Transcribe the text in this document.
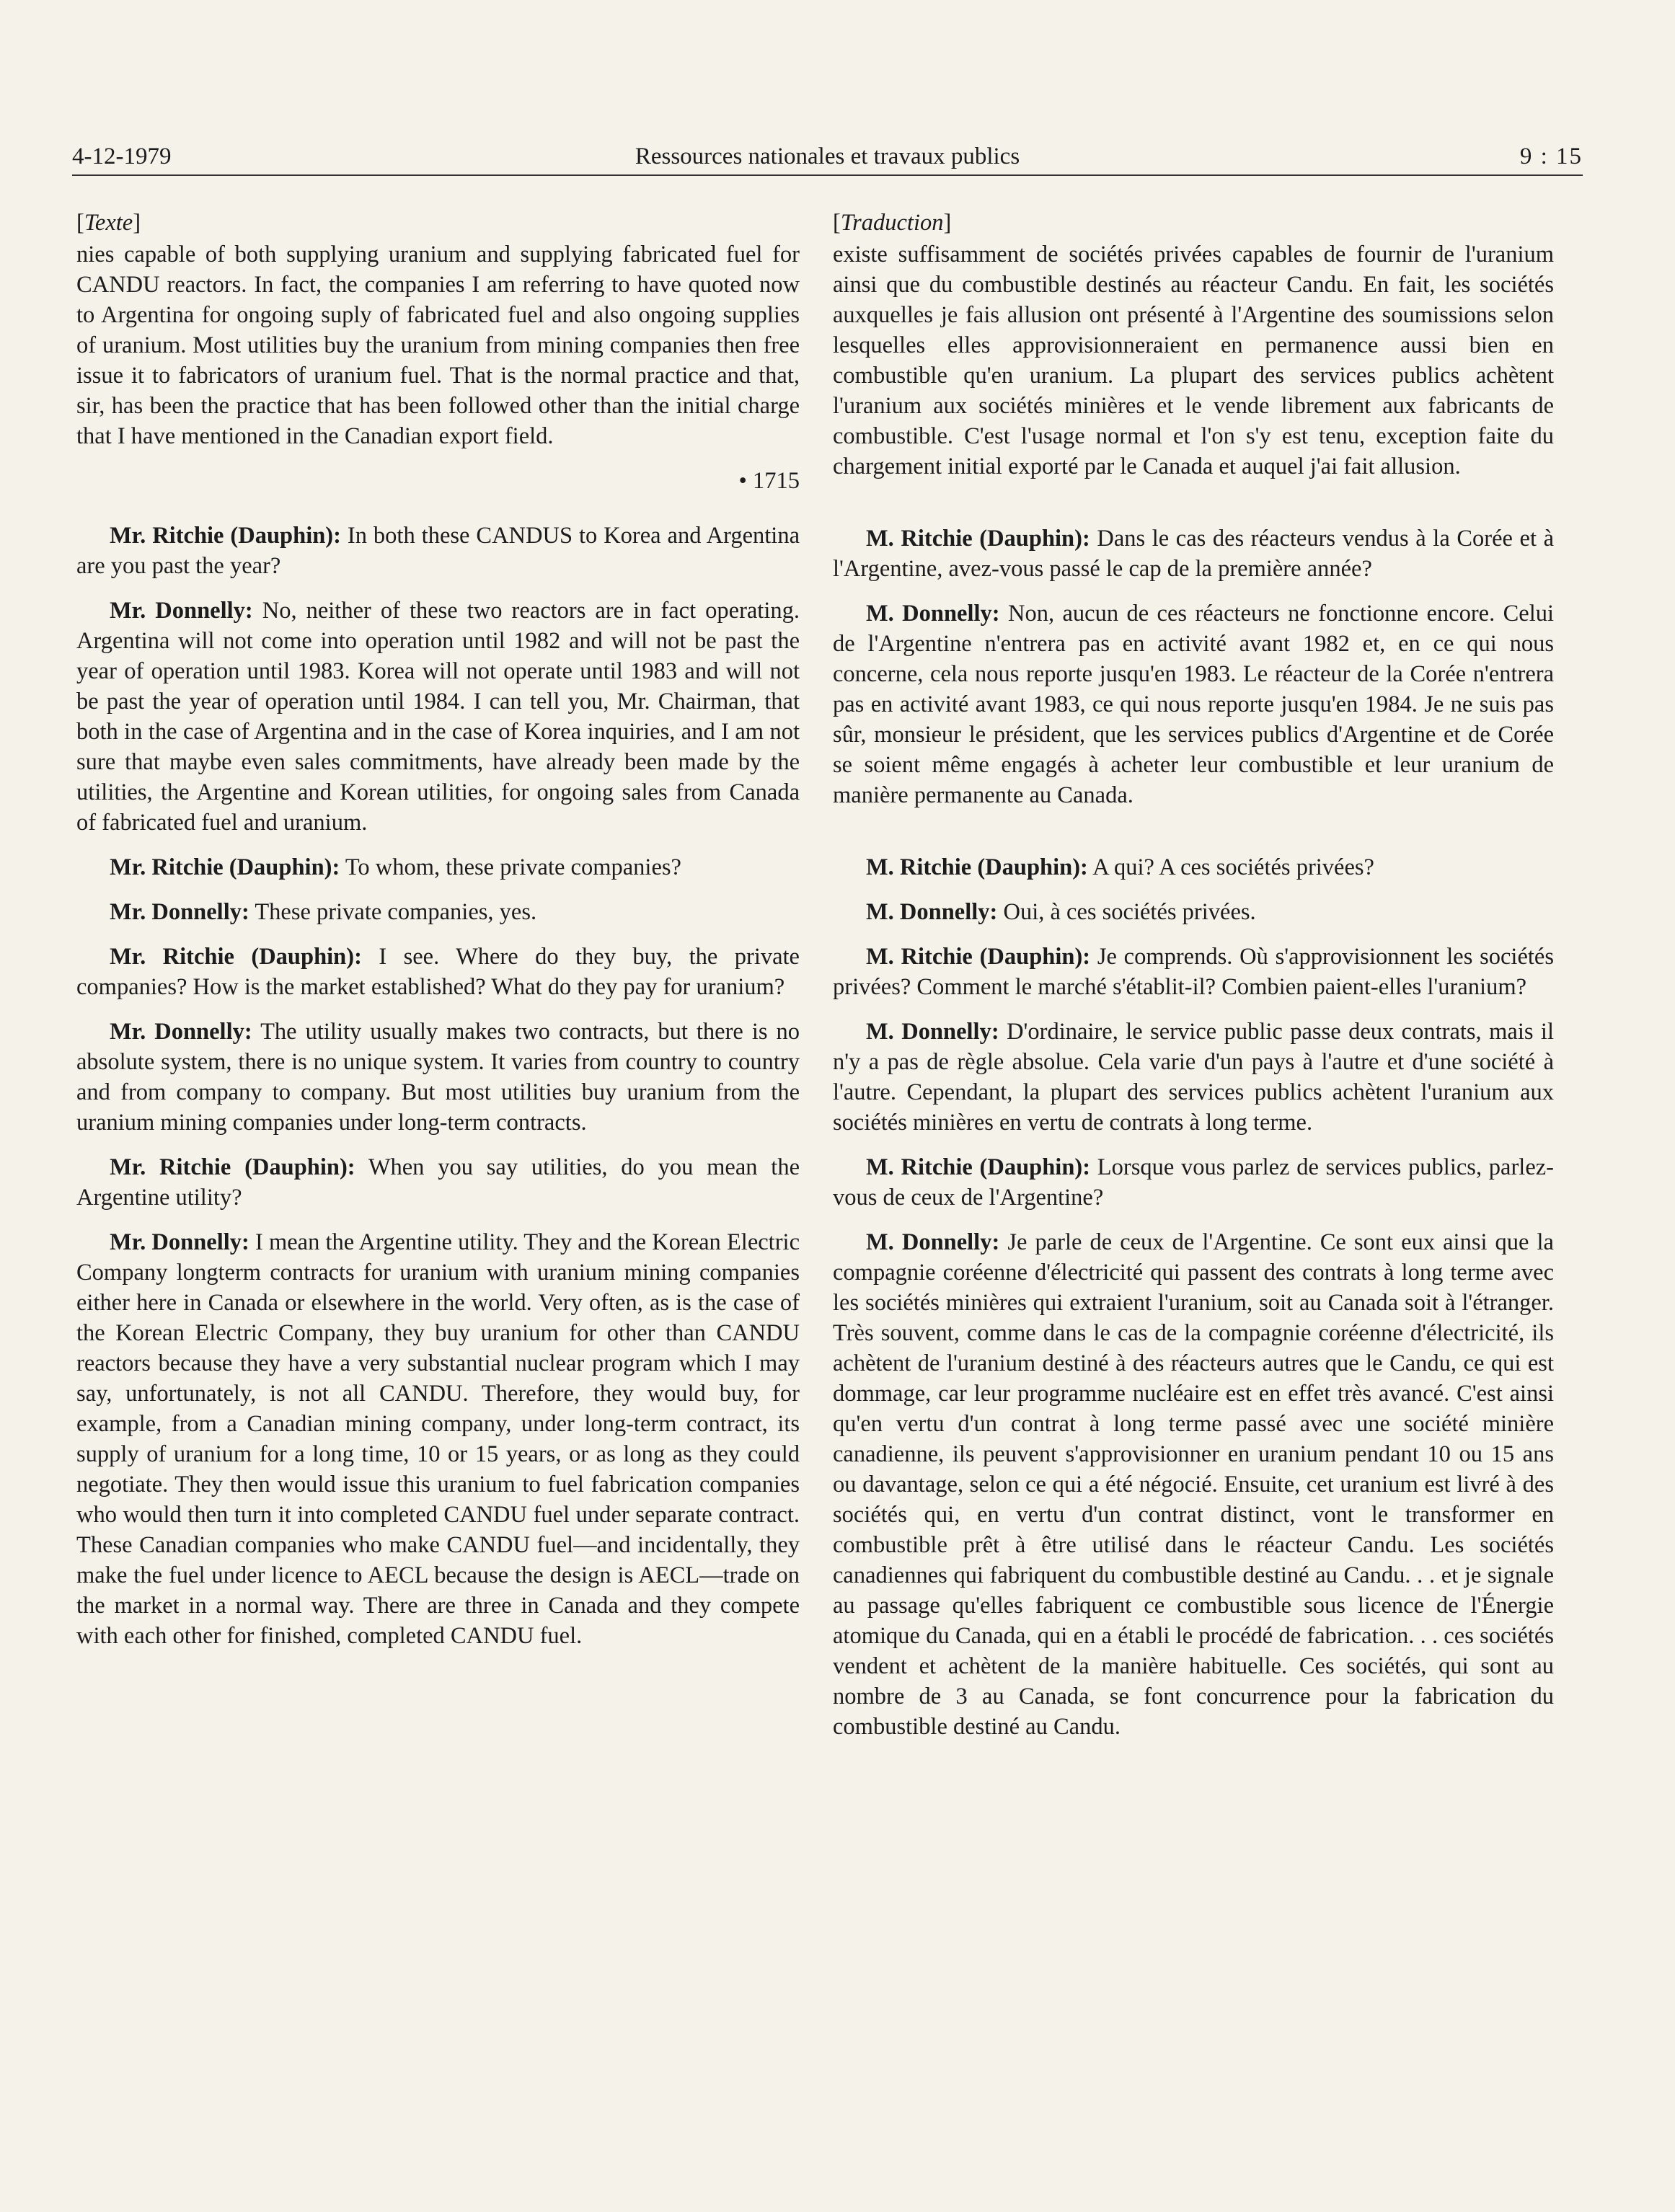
4-12-1979	Ressources nationales et travaux publics	9 : 15
[Texte]

nies capable of both supplying uranium and supplying fabricated fuel for CANDU reactors. In fact, the companies I am referring to have quoted now to Argentina for ongoing suply of fabricated fuel and also ongoing supplies of uranium. Most utilities buy the uranium from mining companies then free issue it to fabricators of uranium fuel. That is the normal practice and that, sir, has been the practice that has been followed other than the initial charge that I have mentioned in the Canadian export field.

• 1715

Mr. Ritchie (Dauphin): In both these CANDUS to Korea and Argentina are you past the year?

Mr. Donnelly: No, neither of these two reactors are in fact operating. Argentina will not come into operation until 1982 and will not be past the year of operation until 1983. Korea will not operate until 1983 and will not be past the year of operation until 1984. I can tell you, Mr. Chairman, that both in the case of Argentina and in the case of Korea inquiries, and I am not sure that maybe even sales commitments, have already been made by the utilities, the Argentine and Korean utilities, for ongoing sales from Canada of fabricated fuel and uranium.

Mr. Ritchie (Dauphin): To whom, these private companies?

Mr. Donnelly: These private companies, yes.

Mr. Ritchie (Dauphin): I see. Where do they buy, the private companies? How is the market established? What do they pay for uranium?

Mr. Donnelly: The utility usually makes two contracts, but there is no absolute system, there is no unique system. It varies from country to country and from company to company. But most utilities buy uranium from the uranium mining companies under long-term contracts.

Mr. Ritchie (Dauphin): When you say utilities, do you mean the Argentine utility?

Mr. Donnelly: I mean the Argentine utility. They and the Korean Electric Company longterm contracts for uranium with uranium mining companies either here in Canada or elsewhere in the world. Very often, as is the case of the Korean Electric Company, they buy uranium for other than CANDU reactors because they have a very substantial nuclear program which I may say, unfortunately, is not all CANDU. Therefore, they would buy, for example, from a Canadian mining company, under long-term contract, its supply of uranium for a long time, 10 or 15 years, or as long as they could negotiate. They then would issue this uranium to fuel fabrication companies who would then turn it into completed CANDU fuel under separate contract. These Canadian companies who make CANDU fuel—and incidentally, they make the fuel under licence to AECL because the design is AECL—trade on the market in a normal way. There are three in Canada and they compete with each other for finished, completed CANDU fuel.

[Traduction]

existe suffisamment de sociétés privées capables de fournir de l'uranium ainsi que du combustible destinés au réacteur Candu. En fait, les sociétés auxquelles je fais allusion ont présenté à l'Argentine des soumissions selon lesquelles elles approvisionneraient en permanence aussi bien en combustible qu'en uranium. La plupart des services publics achètent l'uranium aux sociétés minières et le vende librement aux fabricants de combustible. C'est l'usage normal et l'on s'y est tenu, exception faite du chargement initial exporté par le Canada et auquel j'ai fait allusion.

M. Ritchie (Dauphin): Dans le cas des réacteurs vendus à la Corée et à l'Argentine, avez-vous passé le cap de la première année?

M. Donnelly: Non, aucun de ces réacteurs ne fonctionne encore. Celui de l'Argentine n'entrera pas en activité avant 1982 et, en ce qui nous concerne, cela nous reporte jusqu'en 1983. Le réacteur de la Corée n'entrera pas en activité avant 1983, ce qui nous reporte jusqu'en 1984. Je ne suis pas sûr, monsieur le président, que les services publics d'Argentine et de Corée se soient même engagés à acheter leur combustible et leur uranium de manière permanente au Canada.

M. Ritchie (Dauphin): A qui? A ces sociétés privées?

M. Donnelly: Oui, à ces sociétés privées.

M. Ritchie (Dauphin): Je comprends. Où s'approvisionnent les sociétés privées? Comment le marché s'établit-il? Combien paient-elles l'uranium?

M. Donnelly: D'ordinaire, le service public passe deux contrats, mais il n'y a pas de règle absolue. Cela varie d'un pays à l'autre et d'une société à l'autre. Cependant, la plupart des services publics achètent l'uranium aux sociétés minières en vertu de contrats à long terme.

M. Ritchie (Dauphin): Lorsque vous parlez de services publics, parlez-vous de ceux de l'Argentine?

M. Donnelly: Je parle de ceux de l'Argentine. Ce sont eux ainsi que la compagnie coréenne d'électricité qui passent des contrats à long terme avec les sociétés minières qui extraient l'uranium, soit au Canada soit à l'étranger. Très souvent, comme dans le cas de la compagnie coréenne d'électricité, ils achètent de l'uranium destiné à des réacteurs autres que le Candu, ce qui est dommage, car leur programme nucléaire est en effet très avancé. C'est ainsi qu'en vertu d'un contrat à long terme passé avec une société minière canadienne, ils peuvent s'approvisionner en uranium pendant 10 ou 15 ans ou davantage, selon ce qui a été négocié. Ensuite, cet uranium est livré à des sociétés qui, en vertu d'un contrat distinct, vont le transformer en combustible prêt à être utilisé dans le réacteur Candu. Les sociétés canadiennes qui fabriquent du combustible destiné au Candu. . . et je signale au passage qu'elles fabriquent ce combustible sous licence de l'Énergie atomique du Canada, qui en a établi le procédé de fabrication. . . ces sociétés vendent et achètent de la manière habituelle. Ces sociétés, qui sont au nombre de 3 au Canada, se font concurrence pour la fabrication du combustible destiné au Candu.
